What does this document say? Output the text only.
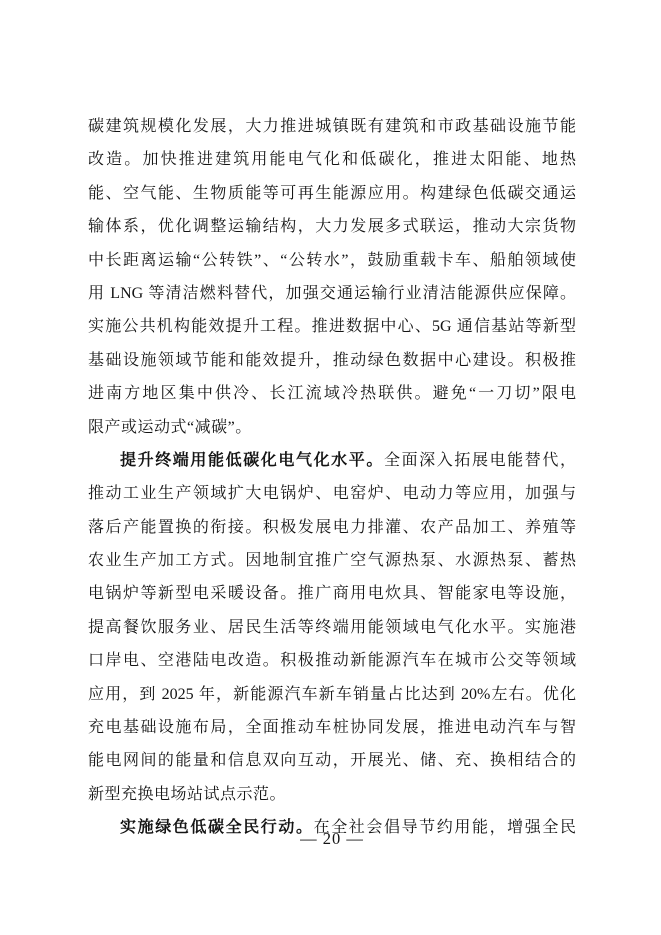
碳建筑规模化发展，大力推进城镇既有建筑和市政基础设施节能
改造。加快推进建筑用能电气化和低碳化，推进太阳能、地热
能、空气能、生物质能等可再生能源应用。构建绿色低碳交通运
输体系，优化调整运输结构，大力发展多式联运，推动大宗货物
中长距离运输“公转铁”、“公转水”，鼓励重载卡车、船舶领域使
用 LNG 等清洁燃料替代，加强交通运输行业清洁能源供应保障。
实施公共机构能效提升工程。推进数据中心、5G 通信基站等新型
基础设施领域节能和能效提升，推动绿色数据中心建设。积极推
进南方地区集中供冷、长江流域冷热联供。避免“一刀切”限电
限产或运动式“减碳”。
提升终端用能低碳化电气化水平。全面深入拓展电能替代，
推动工业生产领域扩大电锅炉、电窑炉、电动力等应用，加强与
落后产能置换的衔接。积极发展电力排灌、农产品加工、养殖等
农业生产加工方式。因地制宜推广空气源热泵、水源热泵、蓄热
电锅炉等新型电采暖设备。推广商用电炊具、智能家电等设施，
提高餐饮服务业、居民生活等终端用能领域电气化水平。实施港
口岸电、空港陆电改造。积极推动新能源汽车在城市公交等领域
应用，到 2025 年，新能源汽车新车销量占比达到 20%左右。优化
充电基础设施布局，全面推动车桩协同发展，推进电动汽车与智
能电网间的能量和信息双向互动，开展光、储、充、换相结合的
新型充换电场站试点示范。
实施绿色低碳全民行动。在全社会倡导节约用能，增强全民
— 20 —
